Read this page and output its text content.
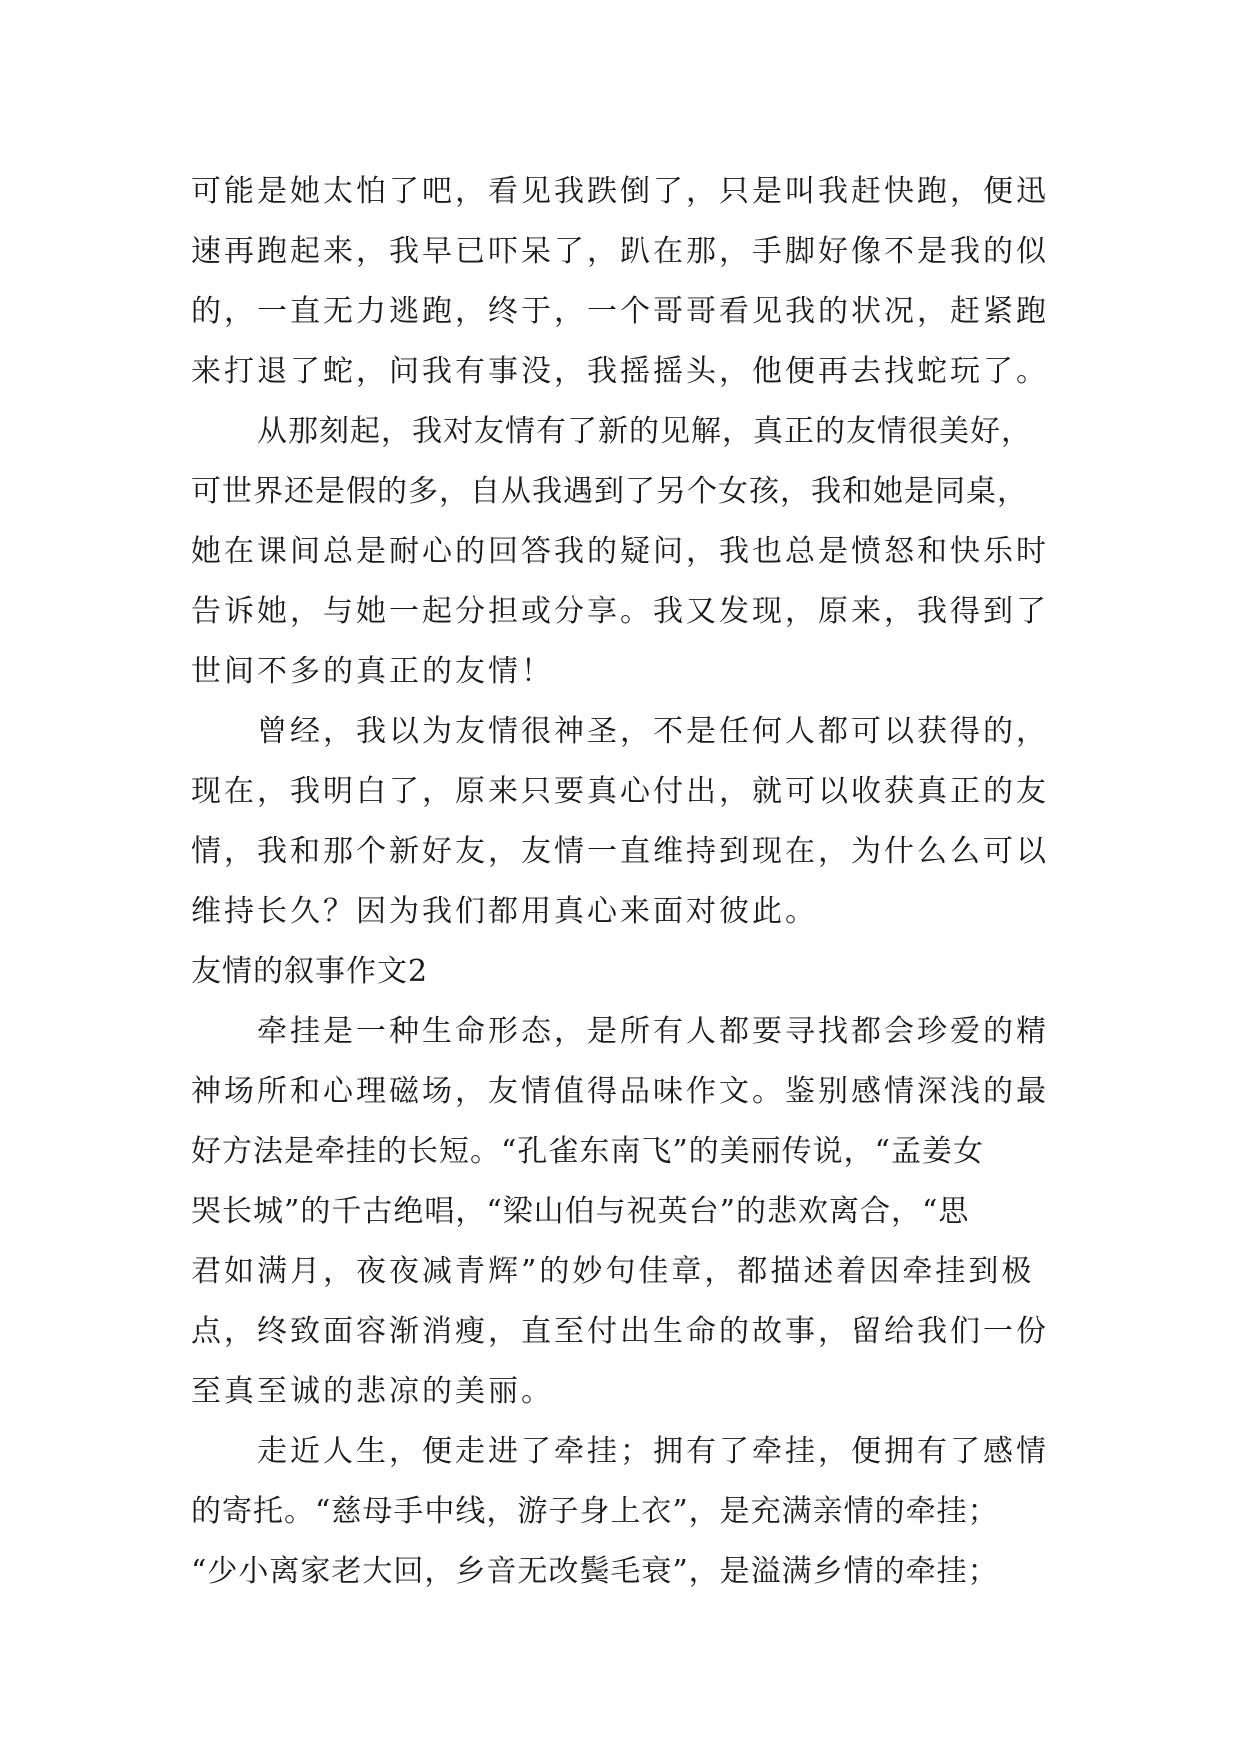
可能是她太怕了吧，看见我跌倒了，只是叫我赶快跑，便迅
速再跑起来，我早已吓呆了，趴在那，手脚好像不是我的似
的，一直无力逃跑，终于，一个哥哥看见我的状况，赶紧跑
来打退了蛇，问我有事没，我摇摇头，他便再去找蛇玩了。
从那刻起，我对友情有了新的见解，真正的友情很美好，
可世界还是假的多，自从我遇到了另个女孩，我和她是同桌，
她在课间总是耐心的回答我的疑问，我也总是愤怒和快乐时
告诉她，与她一起分担或分享。我又发现，原来，我得到了
世间不多的真正的友情！
曾经，我以为友情很神圣，不是任何人都可以获得的，
现在，我明白了，原来只要真心付出，就可以收获真正的友
情，我和那个新好友，友情一直维持到现在，为什么么可以
维持长久？因为我们都用真心来面对彼此。
友情的叙事作文2
牵挂是一种生命形态，是所有人都要寻找都会珍爱的精
神场所和心理磁场，友情值得品味作文。鉴别感情深浅的最
好方法是牵挂的长短。“孔雀东南飞”的美丽传说，“孟姜女
哭长城”的千古绝唱，“梁山伯与祝英台”的悲欢离合，“思
君如满月，夜夜减青辉”的妙句佳章，都描述着因牵挂到极
点，终致面容渐消瘦，直至付出生命的故事，留给我们一份
至真至诚的悲凉的美丽。
走近人生，便走进了牵挂；拥有了牵挂，便拥有了感情
的寄托。“慈母手中线，游子身上衣”，是充满亲情的牵挂；
“少小离家老大回，乡音无改鬓毛衰”，是溢满乡情的牵挂；
